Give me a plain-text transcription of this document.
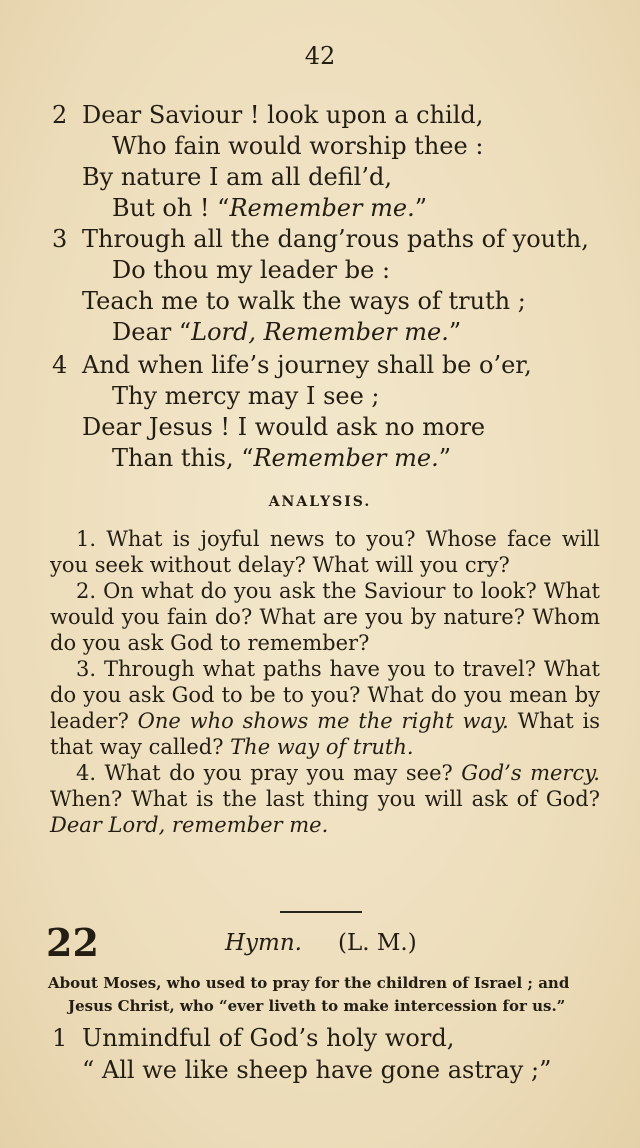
42
2 Dear Saviour ! look upon a child,
Who fain would worship thee :
By nature I am all defil’d,
But oh ! “Remember me.”
3 Through all the dang’rous paths of youth,
Do thou my leader be :
Teach me to walk the ways of truth ;
Dear “Lord, Remember me.”
4 And when life’s journey shall be o’er,
Thy mercy may I see ;
Dear Jesus ! I would ask no more
Than this, “Remember me.”
ANALYSIS.

1. What is joyful news to you? Whose face will you seek without delay? What will you cry?

2. On what do you ask the Saviour to look? What would you fain do? What are you by nature? Whom do you ask God to remember?

3. Through what paths have you to travel? What do you ask God to be to you? What do you mean by leader? One who shows me the right way. What is that way called? The way of truth.

4. What do you pray you may see? God’s mercy. When? What is the last thing you will ask of God? Dear Lord, remember me.

22	Hymn. (L. M.)
About Moses, who used to pray for the children of Israel ; and
Jesus Christ, who “ever liveth to make intercession for us.”
1 Unmindful of God’s holy word,
“ All we like sheep have gone astray ;”
